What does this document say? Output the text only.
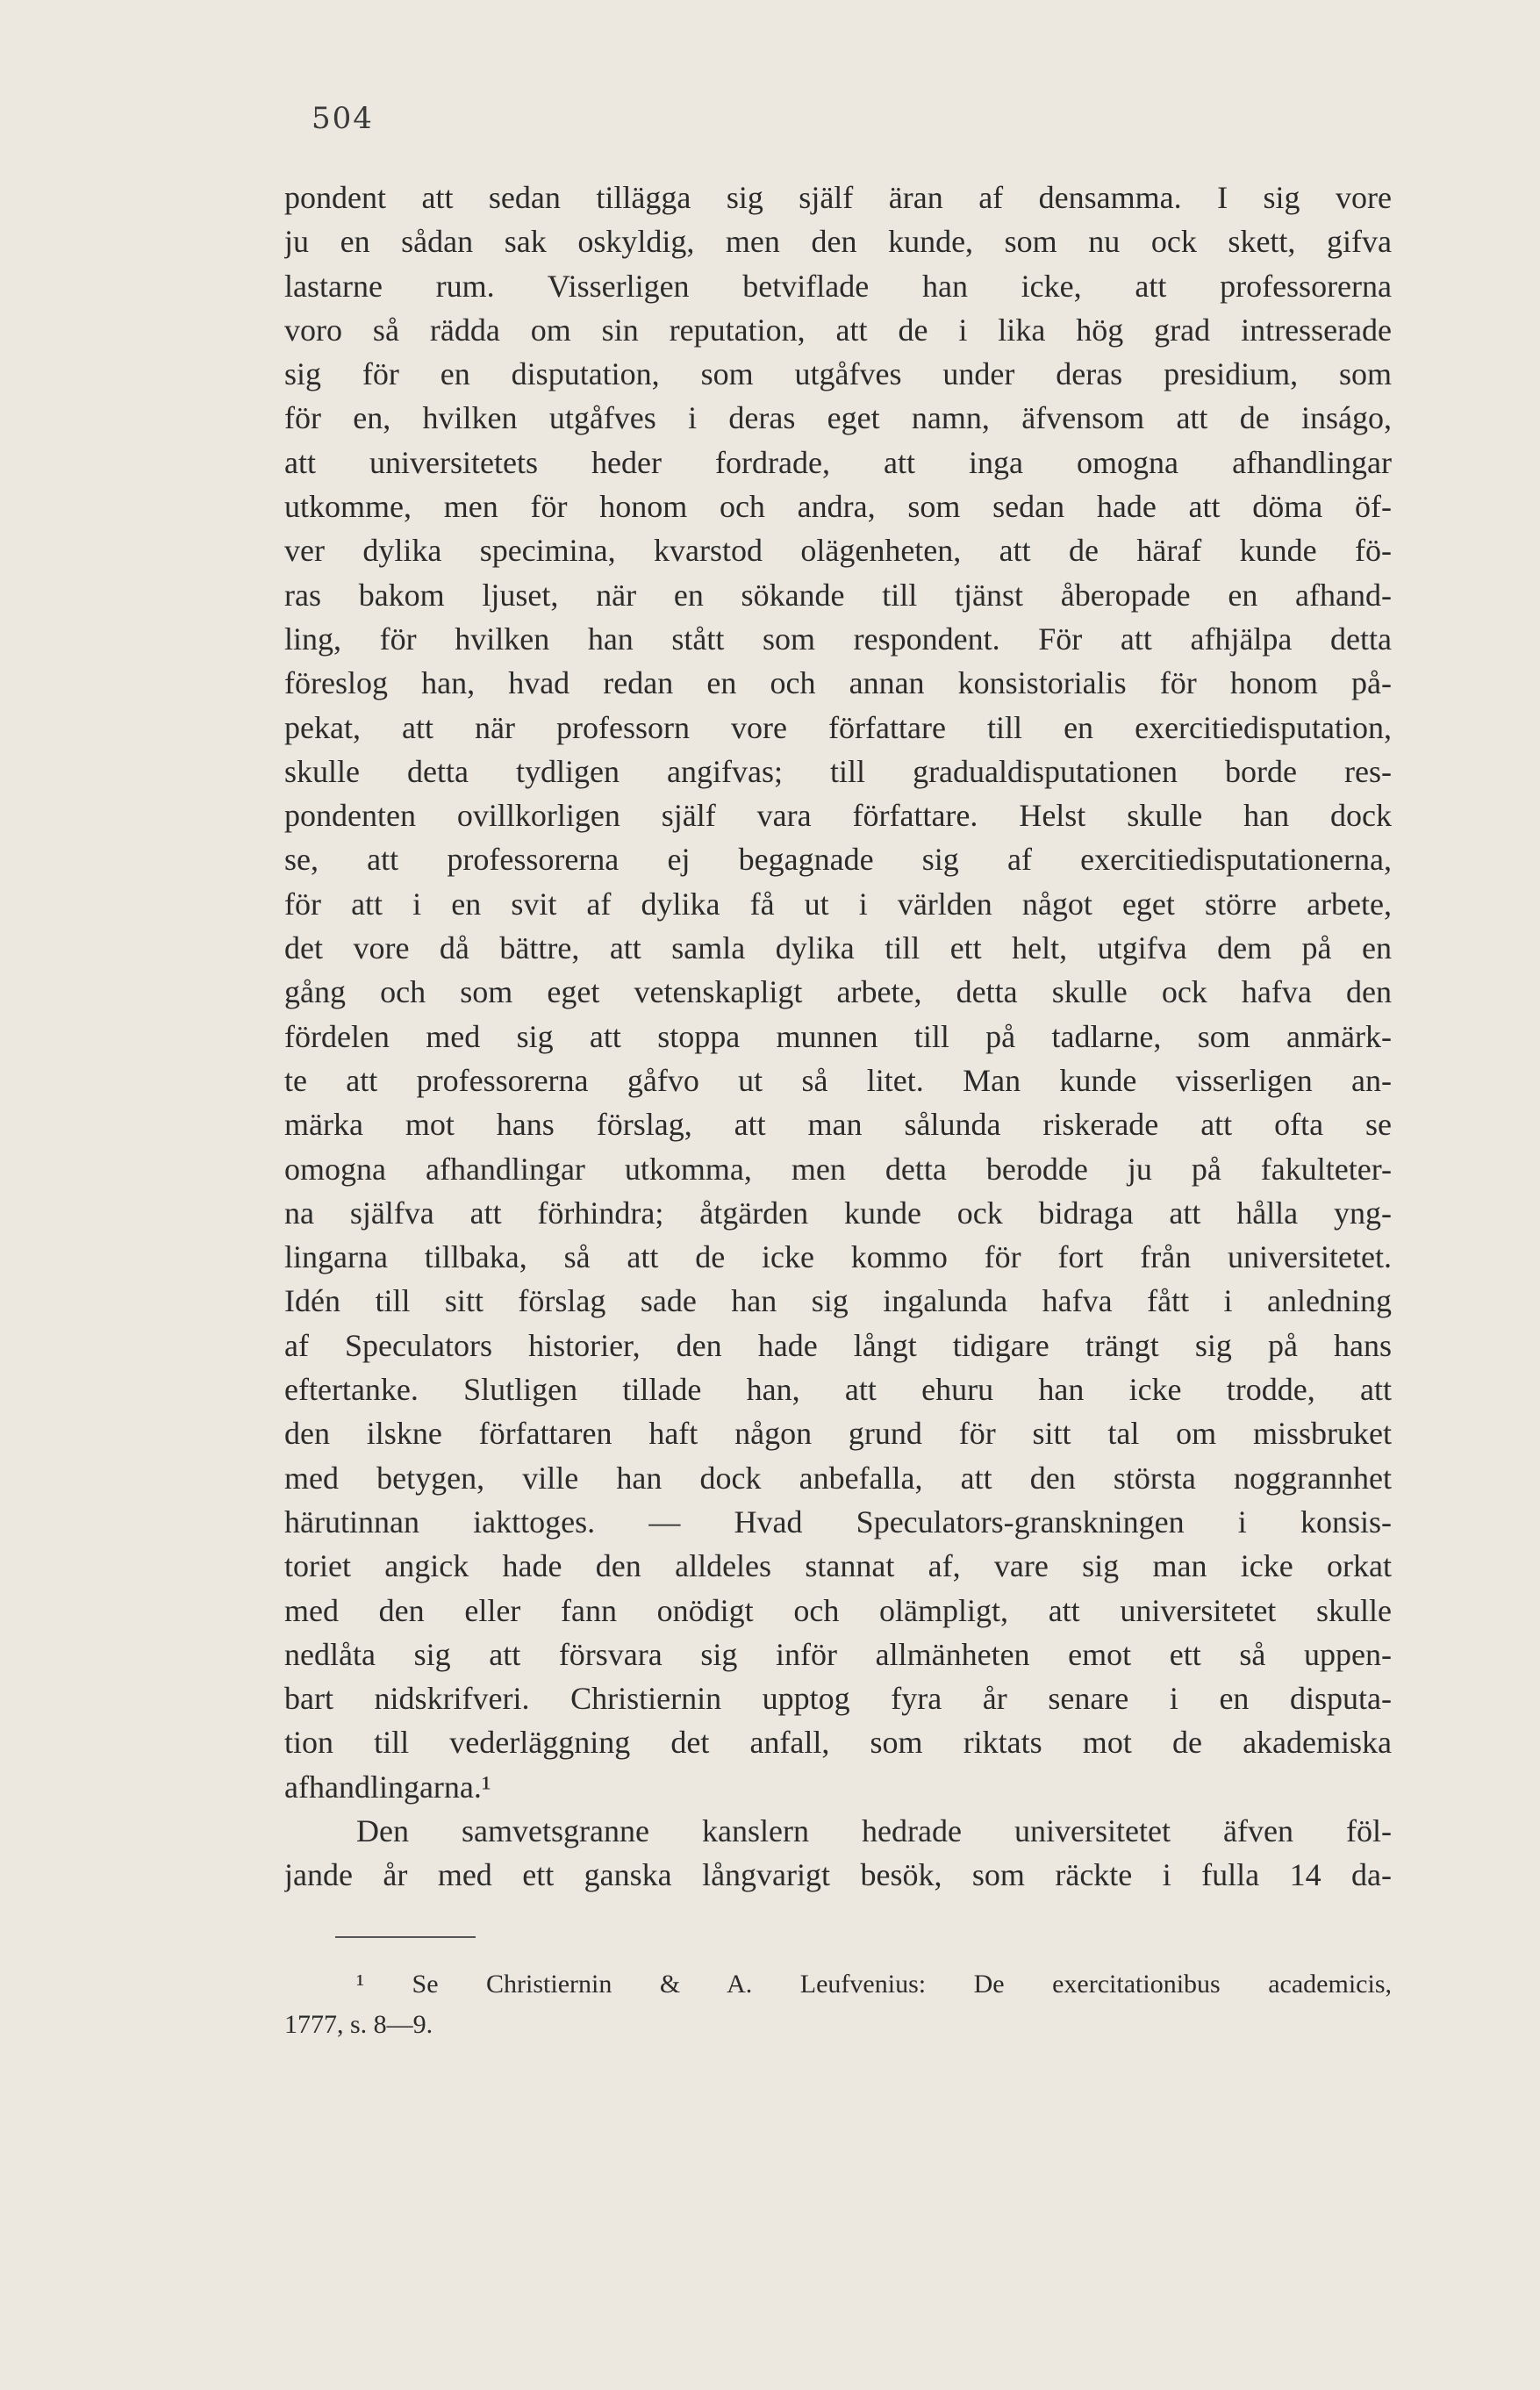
504
pondent att sedan tillägga sig själf äran af densamma. I sig vore
ju en sådan sak oskyldig, men den kunde, som nu ock skett, gifva
lastarne rum. Visserligen betviflade han icke, att professorerna
voro så rädda om sin reputation, att de i lika hög grad intresserade
sig för en disputation, som utgåfves under deras presidium, som
för en, hvilken utgåfves i deras eget namn, äfvensom att de inságo,
att universitetets heder fordrade, att inga omogna afhandlingar
utkomme, men för honom och andra, som sedan hade att döma öf-
ver dylika specimina, kvarstod olägenheten, att de häraf kunde fö-
ras bakom ljuset, när en sökande till tjänst åberopade en afhand-
ling, för hvilken han stått som respondent. För att afhjälpa detta
föreslog han, hvad redan en och annan konsistorialis för honom på-
pekat, att när professorn vore författare till en exercitiedisputation,
skulle detta tydligen angifvas; till gradualdisputationen borde res-
pondenten ovillkorligen själf vara författare. Helst skulle han dock
se, att professorerna ej begagnade sig af exercitiedisputationerna,
för att i en svit af dylika få ut i världen något eget större arbete,
det vore då bättre, att samla dylika till ett helt, utgifva dem på en
gång och som eget vetenskapligt arbete, detta skulle ock hafva den
fördelen med sig att stoppa munnen till på tadlarne, som anmärk-
te att professorerna gåfvo ut så litet. Man kunde visserligen an-
märka mot hans förslag, att man sålunda riskerade att ofta se
omogna afhandlingar utkomma, men detta berodde ju på fakulteter-
na själfva att förhindra; åtgärden kunde ock bidraga att hålla yng-
lingarna tillbaka, så att de icke kommo för fort från universitetet.
Idén till sitt förslag sade han sig ingalunda hafva fått i anledning
af Speculators historier, den hade långt tidigare trängt sig på hans
eftertanke. Slutligen tillade han, att ehuru han icke trodde, att
den ilskne författaren haft någon grund för sitt tal om missbruket
med betygen, ville han dock anbefalla, att den största noggrannhet
härutinnan iakttoges. — Hvad Speculators-granskningen i konsis-
toriet angick hade den alldeles stannat af, vare sig man icke orkat
med den eller fann onödigt och olämpligt, att universitetet skulle
nedlåta sig att försvara sig inför allmänheten emot ett så uppen-
bart nidskrifveri. Christiernin upptog fyra år senare i en disputa-
tion till vederläggning det anfall, som riktats mot de akademiska
afhandlingarna.¹
Den samvetsgranne kanslern hedrade universitetet äfven föl-
jande år med ett ganska långvarigt besök, som räckte i fulla 14 da-
¹ Se Christiernin & A. Leufvenius: De exercitationibus academicis,
1777, s. 8—9.
